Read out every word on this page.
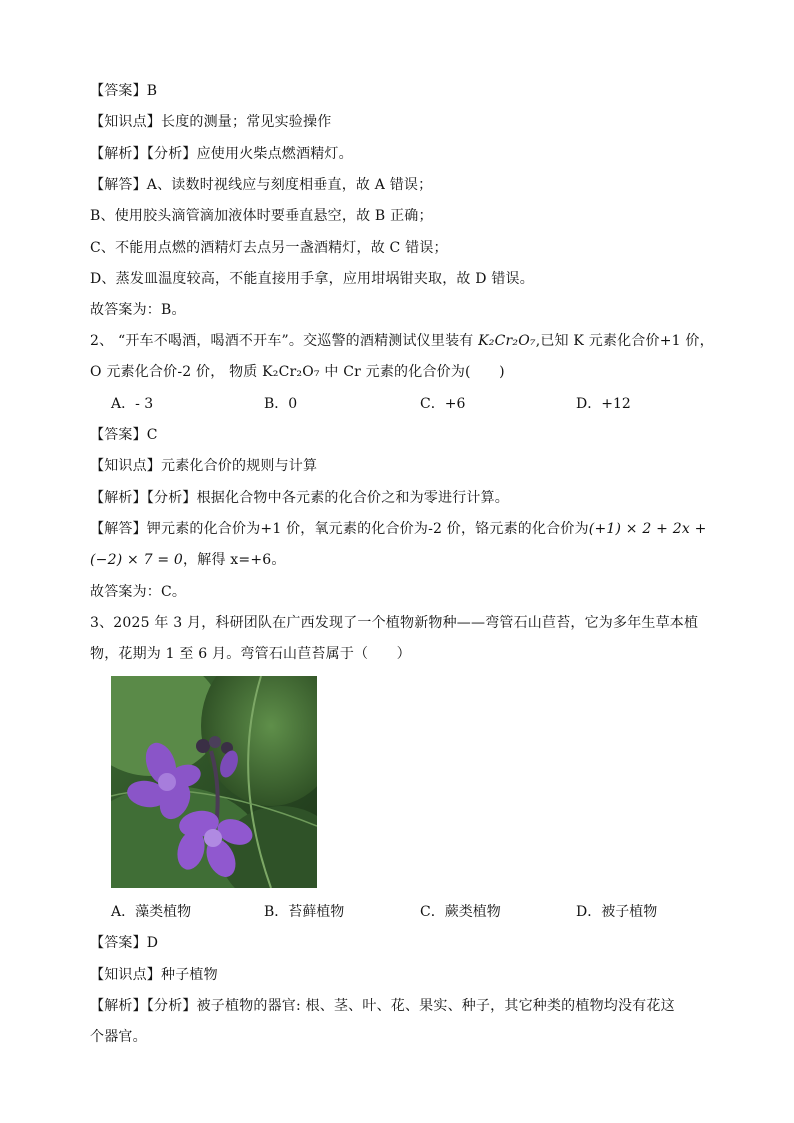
【答案】B
【知识点】长度的测量；常见实验操作
【解析】【分析】应使用火柴点燃酒精灯。
【解答】A、读数时视线应与刻度相垂直，故 A 错误；
B、使用胶头滴管滴加液体时要垂直悬空，故 B 正确；
C、不能用点燃的酒精灯去点另一盏酒精灯，故 C 错误；
D、蒸发皿温度较高，不能直接用手拿，应用坩埚钳夹取，故 D 错误。
故答案为：B。
2、 “开车不喝酒，喝酒不开车”。交巡警的酒精测试仪里装有 K₂Cr₂O₇,已知 K 元素化合价+1 价，
O 元素化合价-2 价， 物质 K₂Cr₂O₇ 中 Cr 元素的化合价为(　　)
A．- 3	B．0	C．+6	D．+12
【答案】C
【知识点】元素化合价的规则与计算
【解析】【分析】根据化合物中各元素的化合价之和为零进行计算。
【解答】钾元素的化合价为+1 价，氧元素的化合价为-2 价，铬元素的化合价为(+1) × 2 + 2x +
(−2) × 7 = 0，解得 x=+6。
故答案为：C。
3、2025 年 3 月，科研团队在广西发现了一个植物新物种——弯管石山苣苔，它为多年生草本植
物，花期为 1 至 6 月。弯管石山苣苔属于（　　）
A．藻类植物	B．苔藓植物	C．蕨类植物	D．被子植物
【答案】D
【知识点】种子植物
【解析】【分析】被子植物的器官: 根、茎、叶、花、果实、种子，其它种类的植物均没有花这
个器官。
